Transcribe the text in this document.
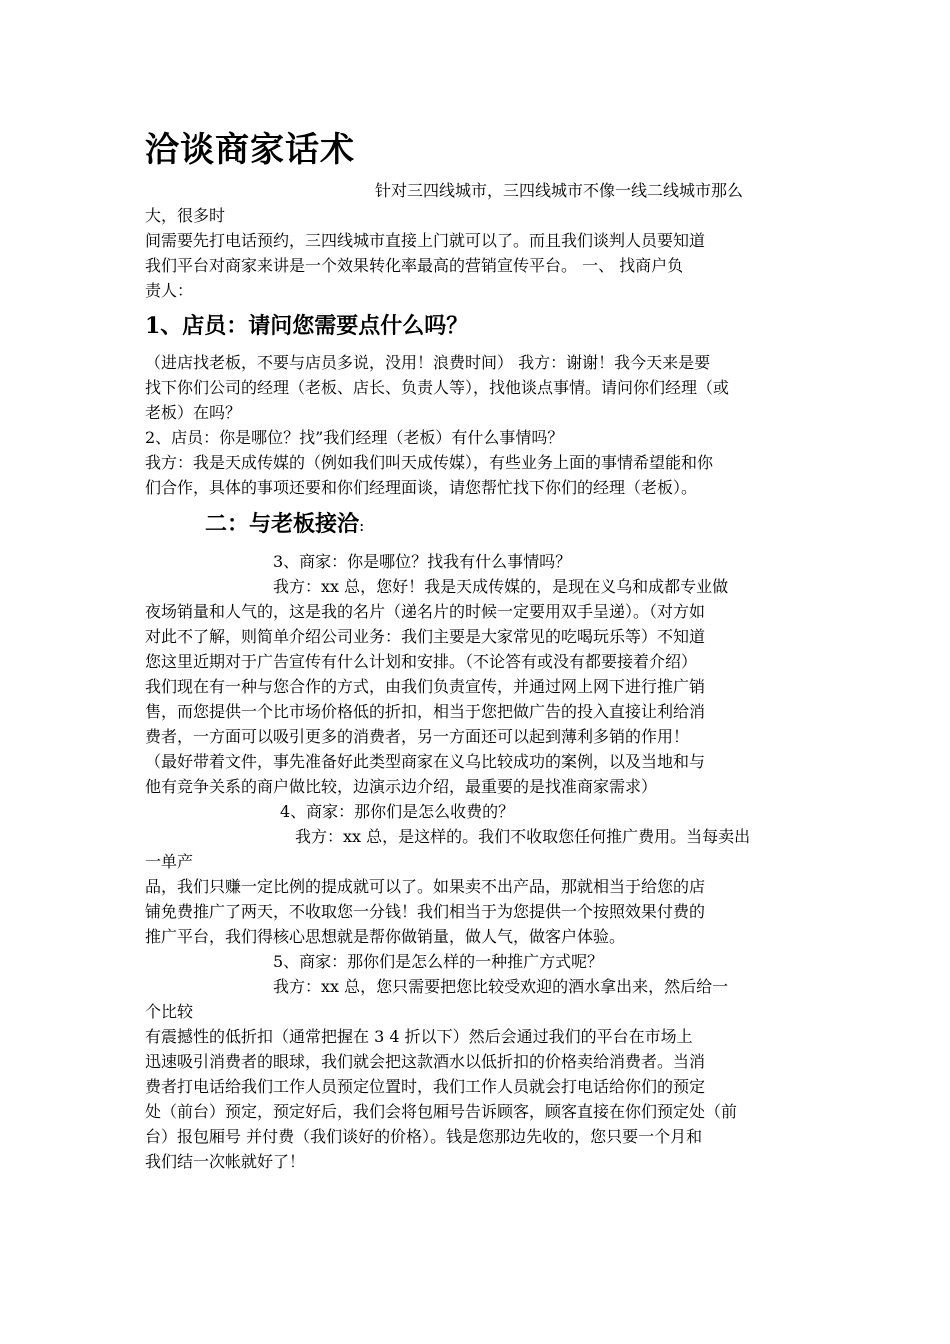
洽谈商家话术
针对三四线城市，三四线城市不像一线二线城市那么
大，很多时
间需要先打电话预约，三四线城市直接上门就可以了。而且我们谈判人员要知道
我们平台对商家来讲是一个效果转化率最高的营销宣传平台。 一、 找商户负
责人：
1、店员：请问您需要点什么吗？
（进店找老板，不要与店员多说，没用！浪费时间） 我方：谢谢！我今天来是要
找下你们公司的经理（老板、店长、负责人等），找他谈点事情。请问你们经理（或
老板）在吗？
2、店员：你是哪位？找”我们经理（老板）有什么事情吗？
我方：我是天成传媒的（例如我们叫天成传媒），有些业务上面的事情希望能和你
们合作，具体的事项还要和你们经理面谈，请您帮忙找下你们的经理（老板）。
二：与老板接洽:
3、商家：你是哪位？找我有什么事情吗？
我方：xx 总，您好！我是天成传媒的，是现在义乌和成都专业做
夜场销量和人气的，这是我的名片（递名片的时候一定要用双手呈递）。（对方如
对此不了解，则简单介绍公司业务：我们主要是大家常见的吃喝玩乐等）不知道
您这里近期对于广告宣传有什么计划和安排。（不论答有或没有都要接着介绍）
我们现在有一种与您合作的方式，由我们负责宣传，并通过网上网下进行推广销
售，而您提供一个比市场价格低的折扣，相当于您把做广告的投入直接让利给消
费者，一方面可以吸引更多的消费者，另一方面还可以起到薄利多销的作用！
（最好带着文件，事先准备好此类型商家在义乌比较成功的案例，以及当地和与
他有竞争关系的商户做比较，边演示边介绍，最重要的是找准商家需求）
4、商家：那你们是怎么收费的？
我方：xx 总，是这样的。我们不收取您任何推广费用。当每卖出
一单产
品，我们只赚一定比例的提成就可以了。如果卖不出产品，那就相当于给您的店
铺免费推广了两天，不收取您一分钱！我们相当于为您提供一个按照效果付费的
推广平台，我们得核心思想就是帮你做销量，做人气，做客户体验。
5、商家：那你们是怎么样的一种推广方式呢？
我方：xx 总，您只需要把您比较受欢迎的酒水拿出来，然后给一
个比较
有震撼性的低折扣（通常把握在 3 4 折以下）然后会通过我们的平台在市场上
迅速吸引消费者的眼球，我们就会把这款酒水以低折扣的价格卖给消费者。当消
费者打电话给我们工作人员预定位置时，我们工作人员就会打电话给你们的预定
处（前台）预定，预定好后，我们会将包厢号告诉顾客，顾客直接在你们预定处（前
台）报包厢号 并付费（我们谈好的价格）。钱是您那边先收的，您只要一个月和
我们结一次帐就好了！
